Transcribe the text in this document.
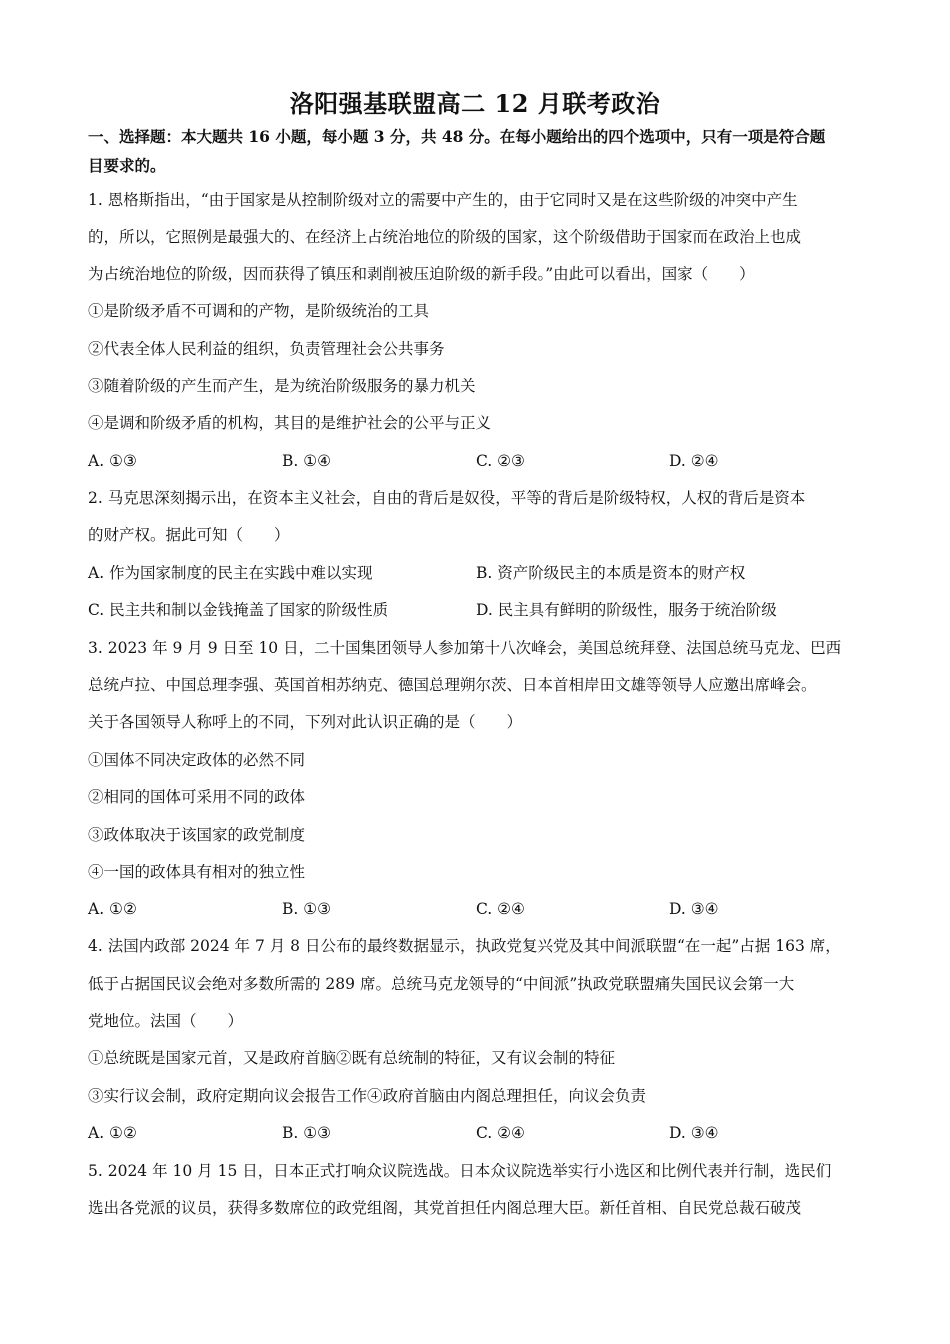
洛阳强基联盟高二 12 月联考政治
一、选择题：本大题共 16 小题，每小题 3 分，共 48 分。在每小题给出的四个选项中，只有一项是符合题
目要求的。
1. 恩格斯指出，“由于国家是从控制阶级对立的需要中产生的，由于它同时又是在这些阶级的冲突中产生
的，所以，它照例是最强大的、在经济上占统治地位的阶级的国家，这个阶级借助于国家而在政治上也成
为占统治地位的阶级，因而获得了镇压和剥削被压迫阶级的新手段。”由此可以看出，国家（　　）
①是阶级矛盾不可调和的产物，是阶级统治的工具
②代表全体人民利益的组织，负责管理社会公共事务
③随着阶级的产生而产生，是为统治阶级服务的暴力机关
④是调和阶级矛盾的机构，其目的是维护社会的公平与正义
A. ①③	B. ①④	C. ②③	D. ②④
2. 马克思深刻揭示出，在资本主义社会，自由的背后是奴役，平等的背后是阶级特权，人权的背后是资本
的财产权。据此可知（　　）
A. 作为国家制度的民主在实践中难以实现	B. 资产阶级民主的本质是资本的财产权
C. 民主共和制以金钱掩盖了国家的阶级性质	D. 民主具有鲜明的阶级性，服务于统治阶级
3. 2023 年 9 月 9 日至 10 日，二十国集团领导人参加第十八次峰会，美国总统拜登、法国总统马克龙、巴西
总统卢拉、中国总理李强、英国首相苏纳克、德国总理朔尔茨、日本首相岸田文雄等领导人应邀出席峰会。
关于各国领导人称呼上的不同，下列对此认识正确的是（　　）
①国体不同决定政体的必然不同
②相同的国体可采用不同的政体
③政体取决于该国家的政党制度
④一国的政体具有相对的独立性
A. ①②	B. ①③	C. ②④	D. ③④
4. 法国内政部 2024 年 7 月 8 日公布的最终数据显示，执政党复兴党及其中间派联盟“在一起”占据 163 席，
低于占据国民议会绝对多数所需的 289 席。总统马克龙领导的“中间派”执政党联盟痛失国民议会第一大
党地位。法国（　　）
①总统既是国家元首，又是政府首脑②既有总统制的特征，又有议会制的特征
③实行议会制，政府定期向议会报告工作④政府首脑由内阁总理担任，向议会负责
A. ①②	B. ①③	C. ②④	D. ③④
5. 2024 年 10 月 15 日，日本正式打响众议院选战。日本众议院选举实行小选区和比例代表并行制，选民们
选出各党派的议员，获得多数席位的政党组阁，其党首担任内阁总理大臣。新任首相、自民党总裁石破茂
